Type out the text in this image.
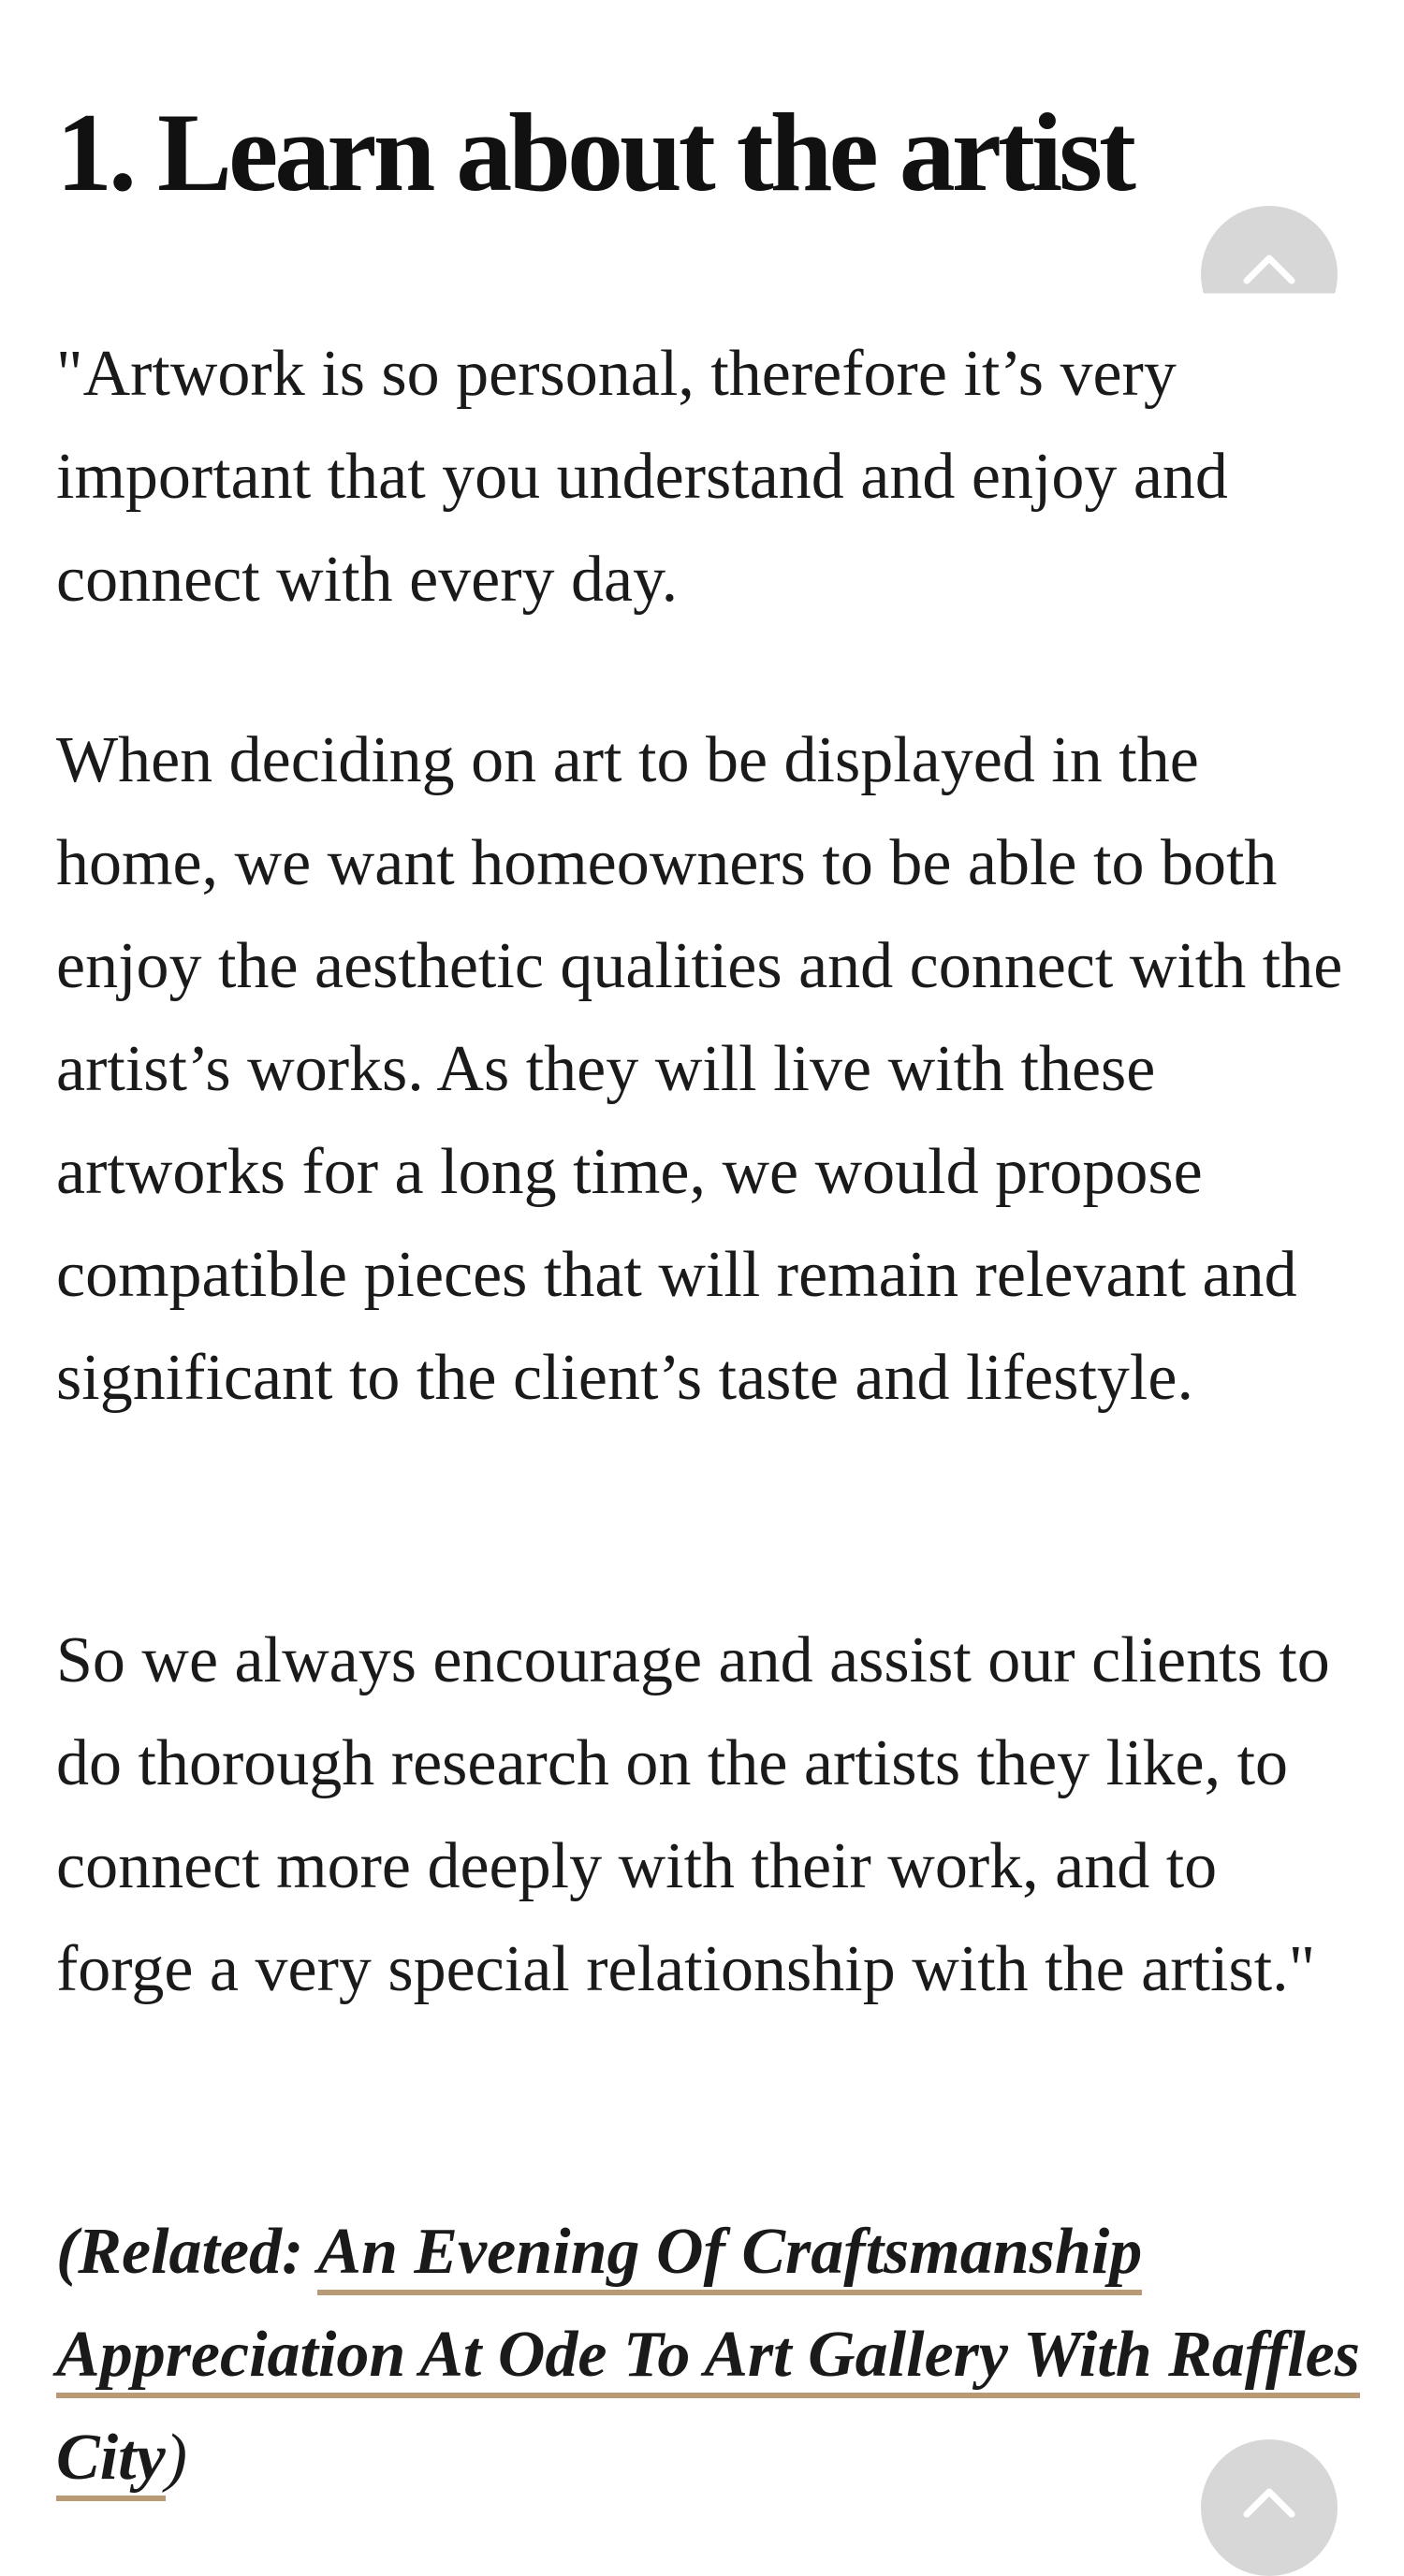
1. Learn about the artist

"Artwork is so personal, therefore it’s very important that you understand and enjoy and connect with every day.

When deciding on art to be displayed in the home, we want homeowners to be able to both enjoy the aesthetic qualities and connect with the artist’s works. As they will live with these artworks for a long time, we would propose compatible pieces that will remain relevant and significant to the client’s taste and lifestyle.

So we always encourage and assist our clients to do thorough research on the artists they like, to connect more deeply with their work, and to forge a very special relationship with the artist."

(Related: An Evening Of Craftsmanship Appreciation At Ode To Art Gallery With Raffles City)
